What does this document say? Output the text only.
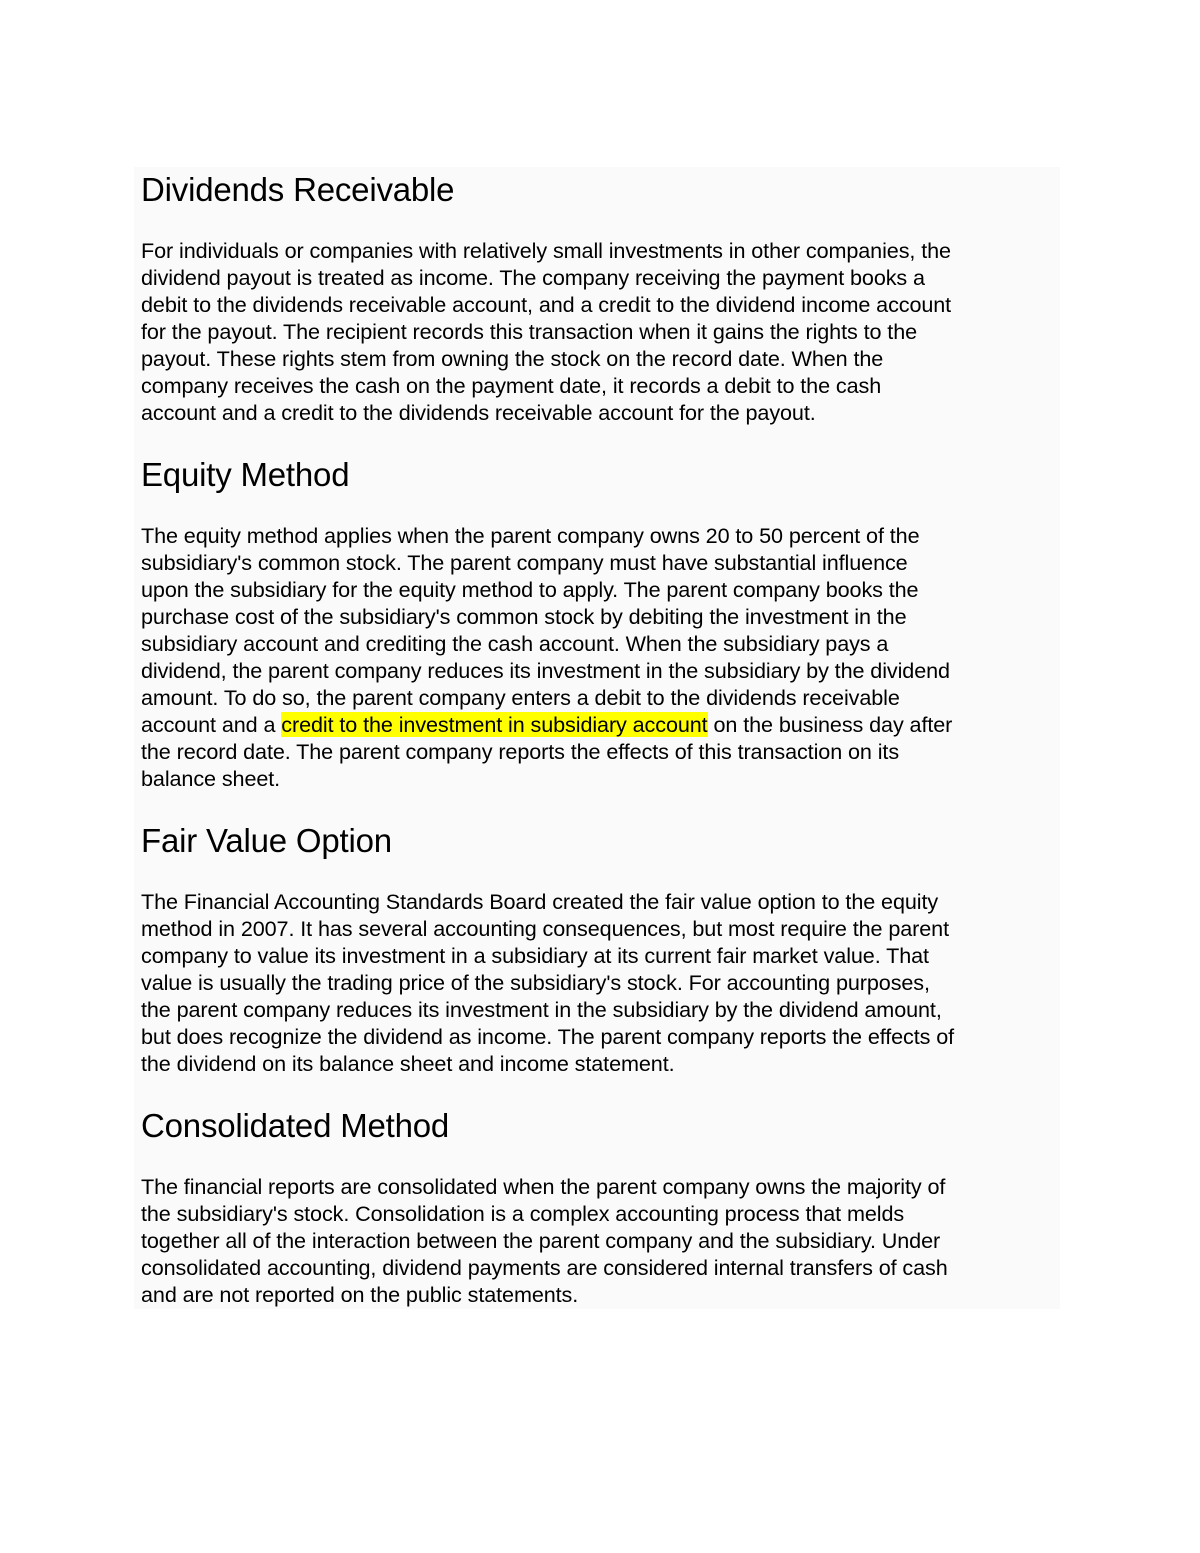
Dividends Receivable
For individuals or companies with relatively small investments in other companies, the
dividend payout is treated as income. The company receiving the payment books a
debit to the dividends receivable account, and a credit to the dividend income account
for the payout. The recipient records this transaction when it gains the rights to the
payout. These rights stem from owning the stock on the record date. When the
company receives the cash on the payment date, it records a debit to the cash
account and a credit to the dividends receivable account for the payout.
Equity Method
The equity method applies when the parent company owns 20 to 50 percent of the
subsidiary's common stock. The parent company must have substantial influence
upon the subsidiary for the equity method to apply. The parent company books the
purchase cost of the subsidiary's common stock by debiting the investment in the
subsidiary account and crediting the cash account. When the subsidiary pays a
dividend, the parent company reduces its investment in the subsidiary by the dividend
amount. To do so, the parent company enters a debit to the dividends receivable
account and a credit to the investment in subsidiary account on the business day after
the record date. The parent company reports the effects of this transaction on its
balance sheet.
Fair Value Option
The Financial Accounting Standards Board created the fair value option to the equity
method in 2007. It has several accounting consequences, but most require the parent
company to value its investment in a subsidiary at its current fair market value. That
value is usually the trading price of the subsidiary's stock. For accounting purposes,
the parent company reduces its investment in the subsidiary by the dividend amount,
but does recognize the dividend as income. The parent company reports the effects of
the dividend on its balance sheet and income statement.
Consolidated Method
The financial reports are consolidated when the parent company owns the majority of
the subsidiary's stock. Consolidation is a complex accounting process that melds
together all of the interaction between the parent company and the subsidiary. Under
consolidated accounting, dividend payments are considered internal transfers of cash
and are not reported on the public statements.
